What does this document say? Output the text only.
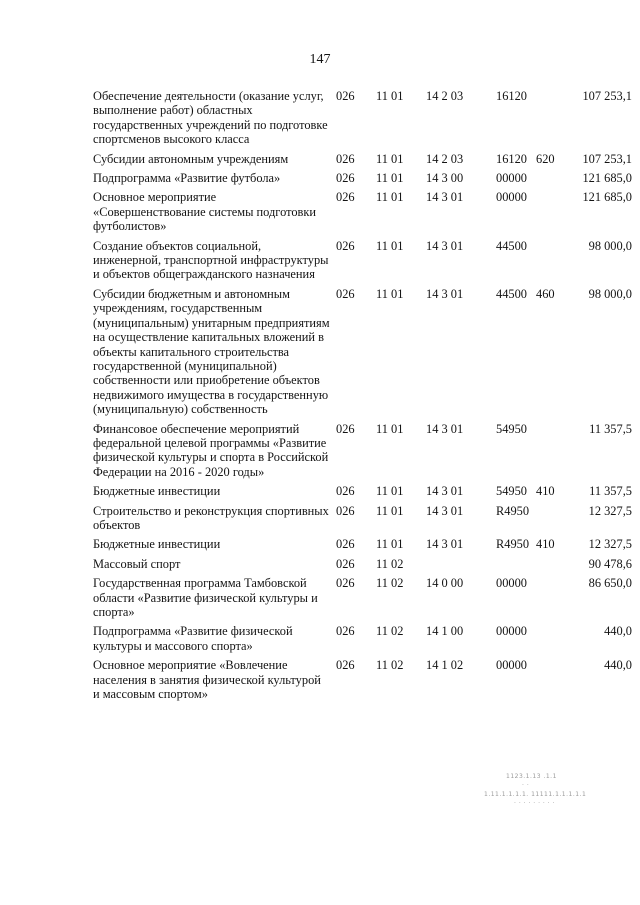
147
Обеспечение деятельности (оказание услуг, выполнение работ) областных государственных учреждений по подготовке спортсменов высокого класса	026	11 01	14 2 03	16120		107 253,1
Субсидии автономным учреждениям	026	11 01	14 2 03	16120	620	107 253,1
Подпрограмма «Развитие футбола»	026	11 01	14 3 00	00000		121 685,0
Основное мероприятие «Совершенствование системы подготовки футболистов»	026	11 01	14 3 01	00000		121 685,0
Создание объектов социальной, инженерной, транспортной инфраструктуры и объектов общегражданского назначения	026	11 01	14 3 01	44500		98 000,0
Субсидии бюджетным и автономным учреждениям, государственным (муниципальным) унитарным предприятиям на осуществление капитальных вложений в объекты капитального строительства государственной (муниципальной) собственности или приобретение объектов недвижимого имущества в государственную (муниципальную) собственность	026	11 01	14 3 01	44500	460	98 000,0
Финансовое обеспечение мероприятий федеральной целевой программы «Развитие физической культуры и спорта в Российской Федерации на 2016 - 2020 годы»	026	11 01	14 3 01	54950		11 357,5
Бюджетные инвестиции	026	11 01	14 3 01	54950	410	11 357,5
Строительство и реконструкция спортивных объектов	026	11 01	14 3 01	R4950		12 327,5
Бюджетные инвестиции	026	11 01	14 3 01	R4950	410	12 327,5
Массовый спорт	026	11 02				90 478,6
Государственная программа Тамбовской области «Развитие физической культуры и спорта»	026	11 02	14 0 00	00000		86 650,0
Подпрограмма «Развитие физической культуры и массового спорта»	026	11 02	14 1 00	00000		440,0
Основное мероприятие «Вовлечение населения в занятия физической культурой и массовым спортом»	026	11 02	14 1 02	00000		440,0
1123.1.13 .1.1
· ·
1.11.1.1.1.1. 11111.1.1.1.1.1
· · · · · · · · ·
